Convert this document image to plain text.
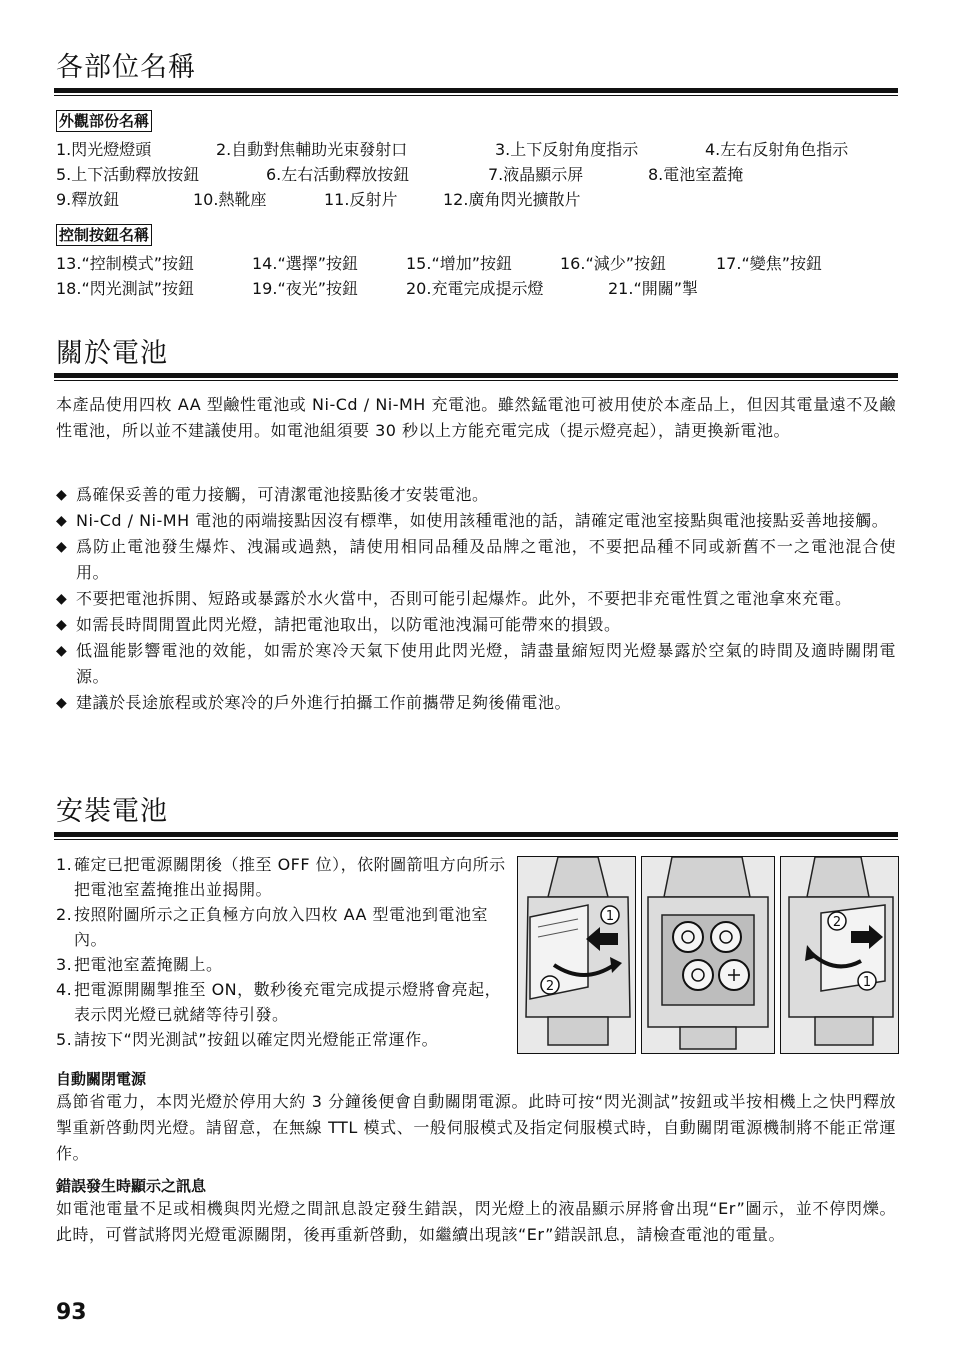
各部位名稱
外觀部份名稱
1.閃光燈燈頭	2.自動對焦輔助光束發射口	3.上下反射角度指示	4.左右反射角色指示
5.上下活動釋放按鈕	6.左右活動釋放按鈕	7.液晶顯示屏	8.電池室蓋掩
9.釋放鈕	10.熱靴座	11.反射片	12.廣角閃光擴散片
控制按鈕名稱
13.“控制模式”按鈕	14.“選擇”按鈕	15.“增加”按鈕	16.“減少”按鈕	17.“變焦”按鈕
18.“閃光測試”按鈕	19.“夜光”按鈕	20.充電完成提示燈	21.“開關”掣
關於電池

本產品使用四枚 AA 型鹼性電池或 Ni-Cd / Ni-MH 充電池。雖然錳電池可被用使於本產品上，但因其電量遠不及鹼性電池，所以並不建議使用。如電池組須要 30 秒以上方能充電完成（提示燈亮起），請更換新電池。

◆ 爲確保妥善的電力接觸，可清潔電池接點後才安裝電池。
◆ Ni-Cd / Ni-MH 電池的兩端接點因沒有標準，如使用該種電池的話，請確定電池室接點與電池接點妥善地接觸。
◆ 爲防止電池發生爆炸、洩漏或過熱，請使用相同品種及品牌之電池，不要把品種不同或新舊不一之電池混合使用。
◆ 不要把電池拆開、短路或暴露於水火當中，否則可能引起爆炸。此外，不要把非充電性質之電池拿來充電。
◆ 如需長時間閒置此閃光燈，請把電池取出，以防電池洩漏可能帶來的損毀。
◆ 低溫能影響電池的效能，如需於寒冷天氣下使用此閃光燈，請盡量縮短閃光燈暴露於空氣的時間及適時關閉電源。
◆ 建議於長途旅程或於寒冷的戶外進行拍攝工作前攜帶足夠後備電池。
安裝電池
1. 確定已把電源關閉後（推至 OFF 位），依附圖箭咀方向所示把電池室蓋掩推出並揭開。
2. 按照附圖所示之正負極方向放入四枚 AA 型電池到電池室內。
3. 把電池室蓋掩關上。
4. 把電源開關掣推至 ON，數秒後充電完成提示燈將會亮起，表示閃光燈已就緒等待引發。
5. 請按下“閃光測試”按鈕以確定閃光燈能正常運作。
1
2
2
1
自動關閉電源

爲節省電力，本閃光燈於停用大約 3 分鐘後便會自動關閉電源。此時可按“閃光測試”按鈕或半按相機上之快門釋放掣重新啓動閃光燈。請留意，在無線 TTL 模式、一般伺服模式及指定伺服模式時，自動關閉電源機制將不能正常運作。

錯誤發生時顯示之訊息

如電池電量不足或相機與閃光燈之間訊息設定發生錯誤，閃光燈上的液晶顯示屏將會出現“Er”圖示，並不停閃爍。此時，可嘗試將閃光燈電源關閉，後再重新啓動，如繼續出現該“Er”錯誤訊息，請檢查電池的電量。

93
